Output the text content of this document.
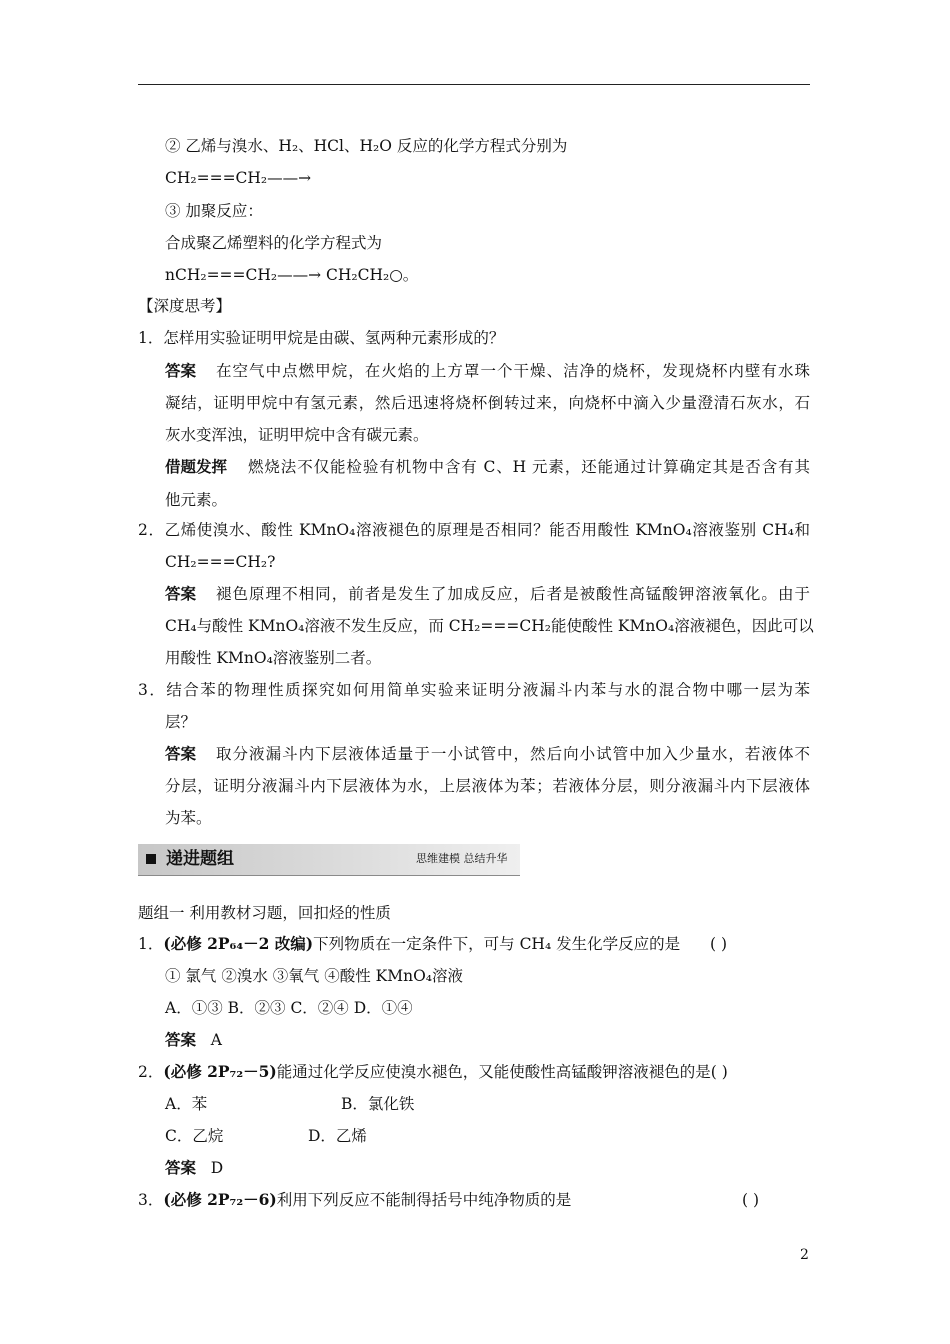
② 乙烯与溴水、H₂、HCl、H₂O 反应的化学方程式分别为
CH₂===CH₂——→
③ 加聚反应：
合成聚乙烯塑料的化学方程式为
nCH₂===CH₂——→ CH₂CH₂○。
【深度思考】
1．怎样用实验证明甲烷是由碳、氢两种元素形成的？
答案 在空气中点燃甲烷，在火焰的上方罩一个干燥、洁净的烧杯，发现烧杯内壁有水珠
凝结，证明甲烷中有氢元素，然后迅速将烧杯倒转过来，向烧杯中滴入少量澄清石灰水，石
灰水变浑浊，证明甲烷中含有碳元素。
借题发挥 燃烧法不仅能检验有机物中含有 C、H 元素，还能通过计算确定其是否含有其
他元素。
2．乙烯使溴水、酸性 KMnO₄溶液褪色的原理是否相同？能否用酸性 KMnO₄溶液鉴别 CH₄和
CH₂===CH₂?
答案 褪色原理不相同，前者是发生了加成反应，后者是被酸性高锰酸钾溶液氧化。由于
CH₄与酸性 KMnO₄溶液不发生反应，而 CH₂===CH₂能使酸性 KMnO₄溶液褪色，因此可以
用酸性 KMnO₄溶液鉴别二者。
3．结合苯的物理性质探究如何用简单实验来证明分液漏斗内苯与水的混合物中哪一层为苯
层？
答案 取分液漏斗内下层液体适量于一小试管中，然后向小试管中加入少量水，若液体不
分层，证明分液漏斗内下层液体为水，上层液体为苯；若液体分层，则分液漏斗内下层液体
为苯。
递进题组	思维建模 总结升华
题组一 利用教材习题，回扣烃的性质
1．(必修 2P₆₄－2 改编)下列物质在一定条件下，可与 CH₄ 发生化学反应的是 ( )
① 氯气 ②溴水 ③氧气 ④酸性 KMnO₄溶液
A．①③ B．②③ C．②④ D．①④
答案 A
2．(必修 2P₇₂－5)能通过化学反应使溴水褪色，又能使酸性高锰酸钾溶液褪色的是( )
A．苯	B．氯化铁
C．乙烷	D．乙烯
答案 D
3．(必修 2P₇₂－6)利用下列反应不能制得括号中纯净物质的是	( )
2
